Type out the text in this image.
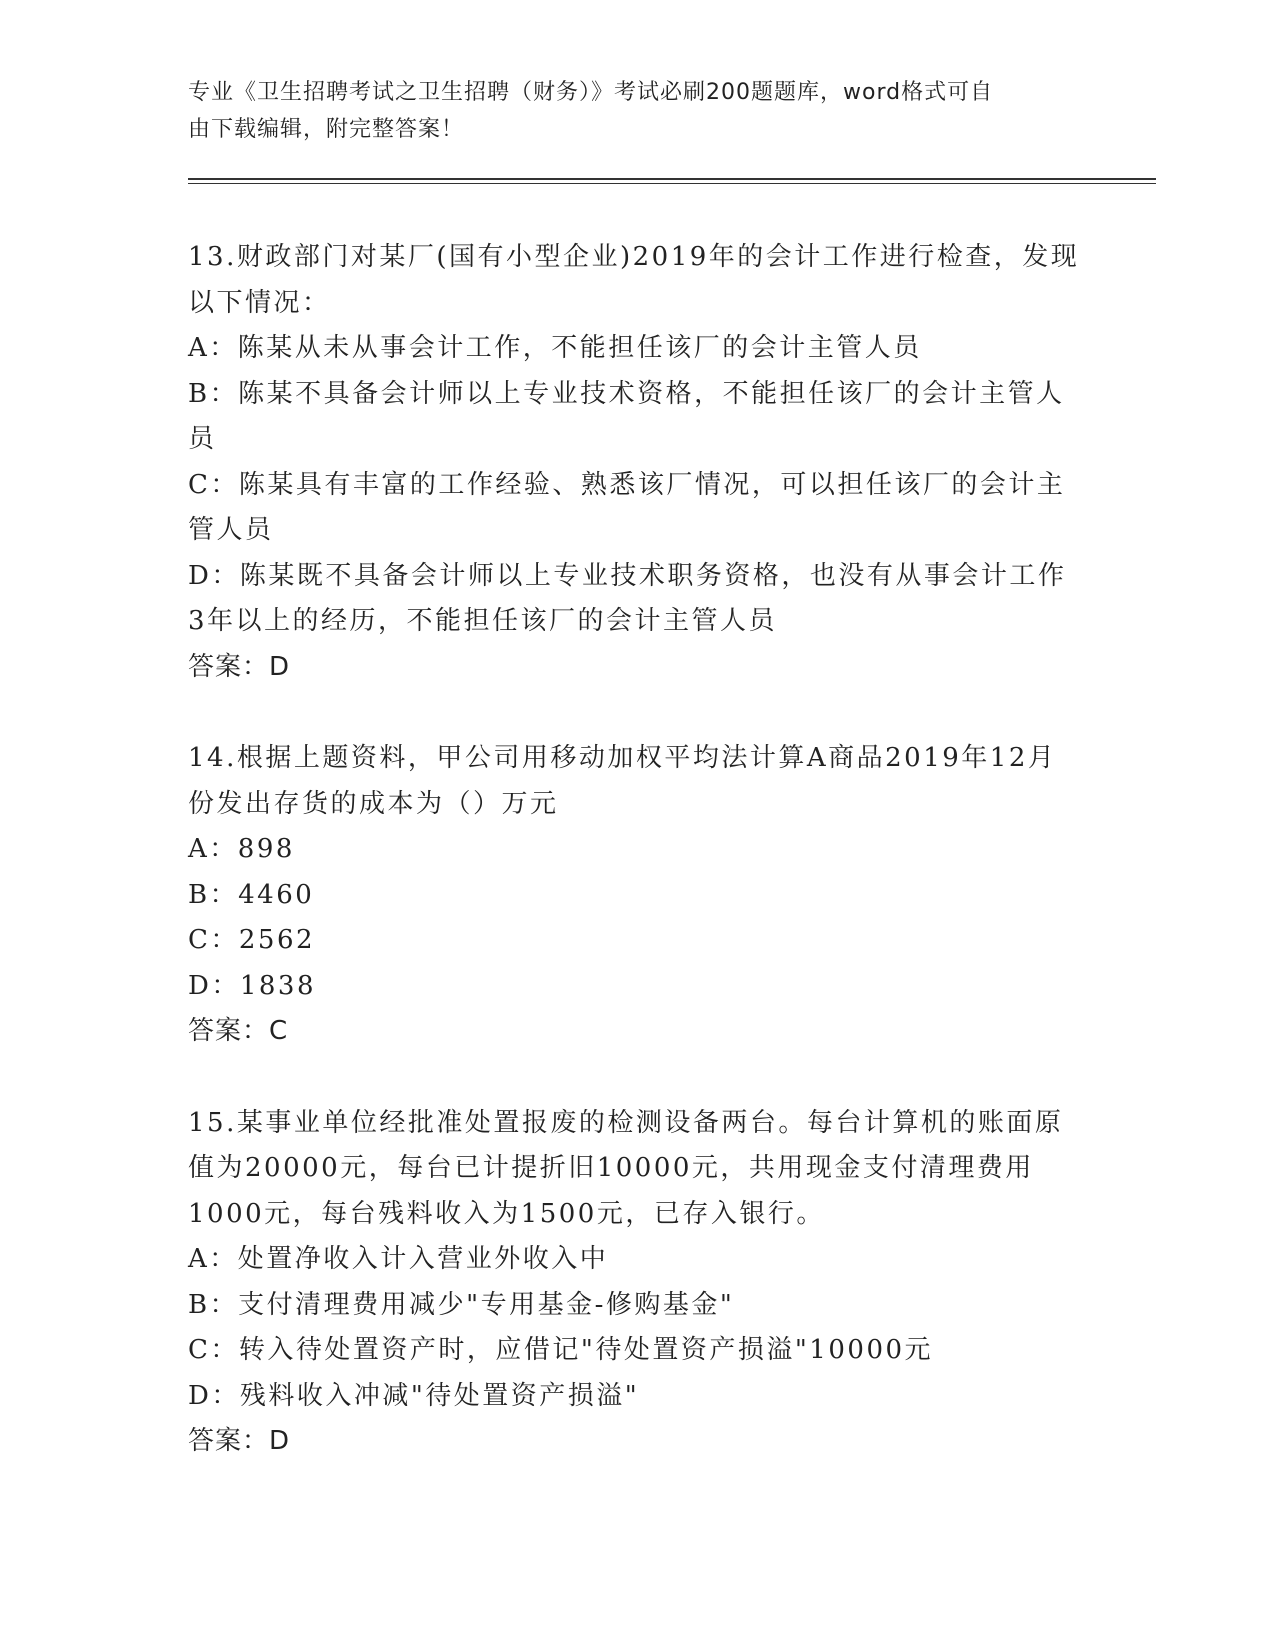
专业《卫生招聘考试之卫生招聘（财务）》考试必刷200题题库，word格式可自
由下载编辑，附完整答案！

13.财政部门对某厂(国有小型企业)2019年的会计工作进行检查，发现

以下情况：

A：陈某从未从事会计工作，不能担任该厂的会计主管人员

B：陈某不具备会计师以上专业技术资格，不能担任该厂的会计主管人

员

C：陈某具有丰富的工作经验、熟悉该厂情况，可以担任该厂的会计主

管人员

D：陈某既不具备会计师以上专业技术职务资格，也没有从事会计工作

3年以上的经历，不能担任该厂的会计主管人员

答案：D

14.根据上题资料，甲公司用移动加权平均法计算A商品2019年12月

份发出存货的成本为（）万元

A：898

B：4460

C：2562

D：1838

答案：C

15.某事业单位经批准处置报废的检测设备两台。每台计算机的账面原

值为20000元，每台已计提折旧10000元，共用现金支付清理费用

1000元，每台残料收入为1500元，已存入银行。

A：处置净收入计入营业外收入中

B：支付清理费用减少"专用基金-修购基金"

C：转入待处置资产时，应借记"待处置资产损溢"10000元

D：残料收入冲减"待处置资产损溢"

答案：D
